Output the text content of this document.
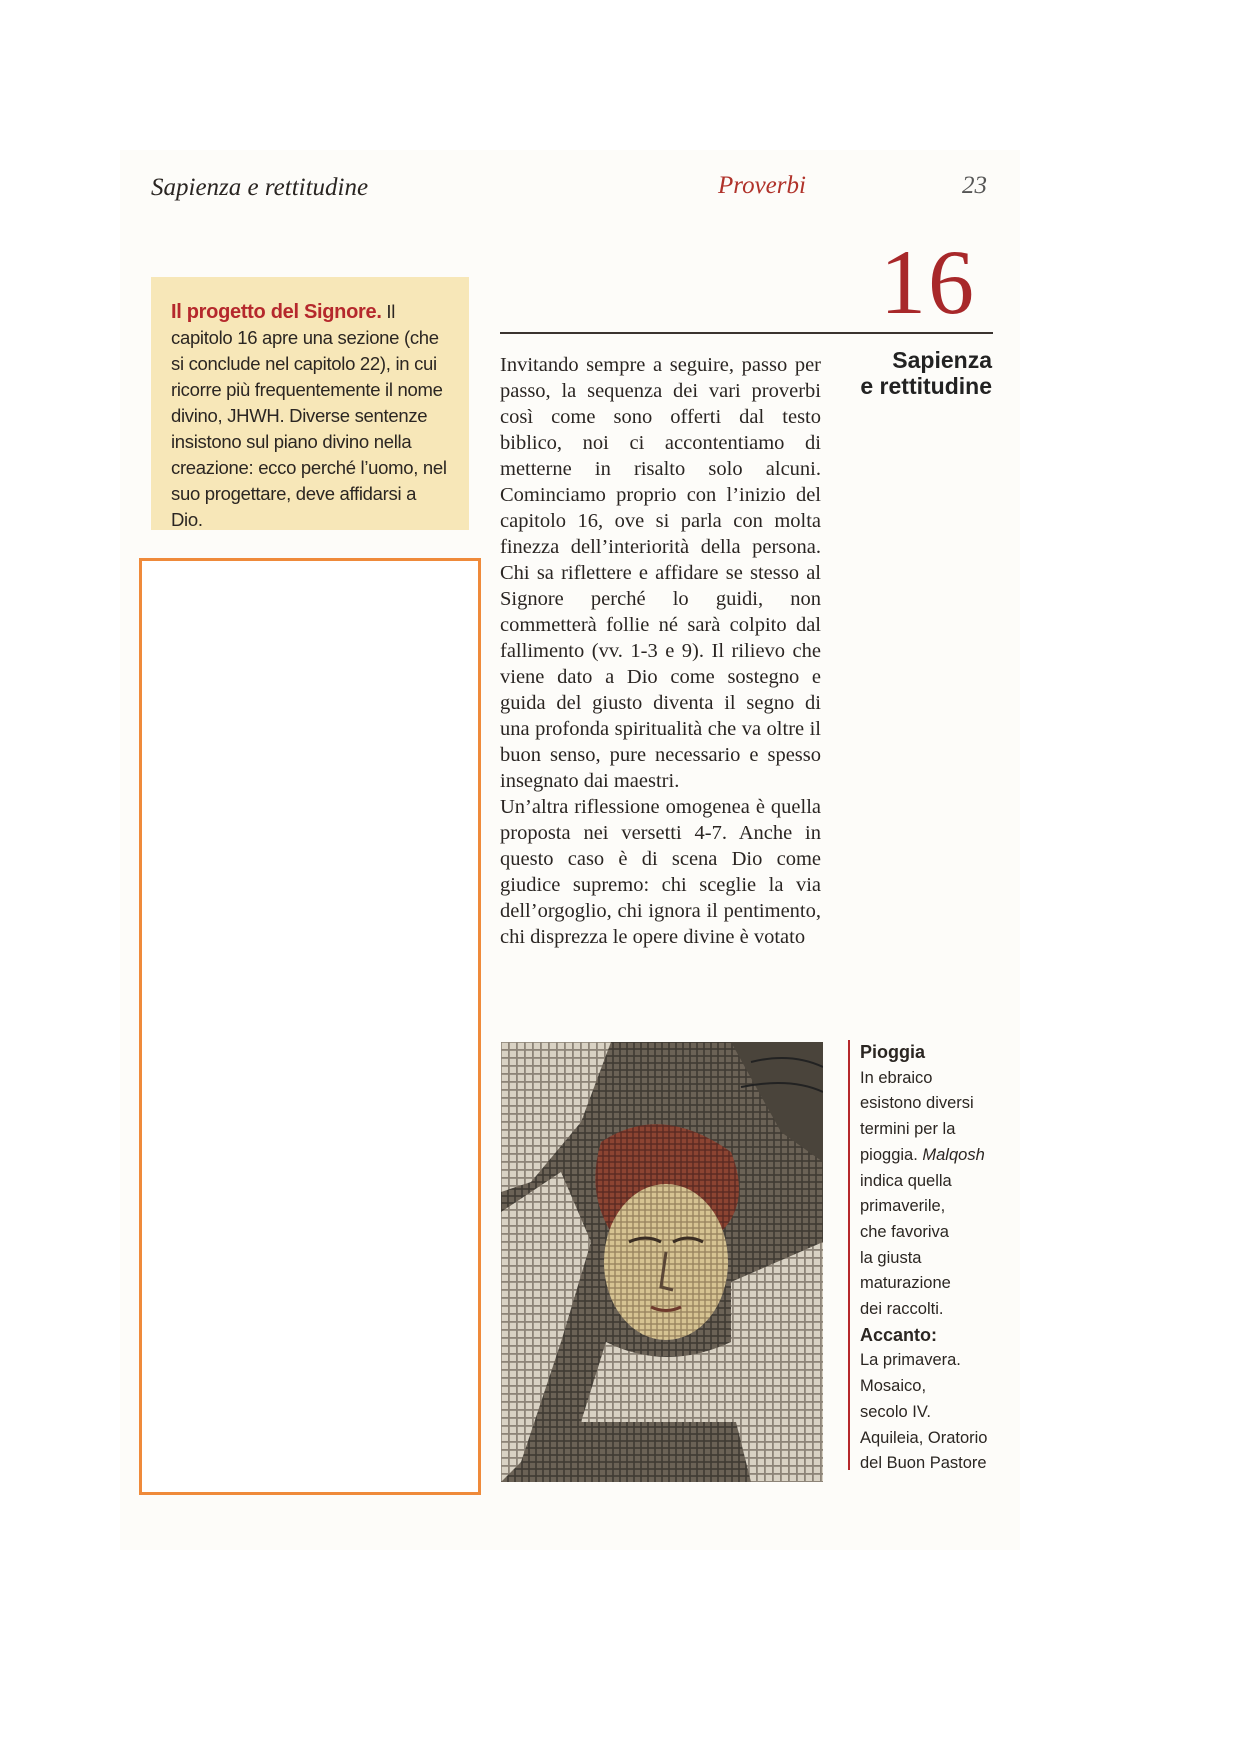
Sapienza e rettitudine	Proverbi	23
16
Sapienza
e rettitudine
Il progetto del Signore. Il capitolo 16 apre una sezione (che si conclude nel capitolo 22), in cui ricorre più frequentemente il nome divino, JHWH. Diverse sentenze insistono sul piano divino nella creazione: ecco perché l’uomo, nel suo progettare, deve affidarsi a Dio.

Invitando sempre a seguire, passo per passo, la sequenza dei vari proverbi così come sono offerti dal testo biblico, noi ci accontentiamo di metterne in risalto solo alcuni. Cominciamo proprio con l’inizio del capitolo 16, ove si parla con molta finezza dell’interiorità della persona. Chi sa riflettere e affidare se stesso al Signore perché lo guidi, non commetterà follie né sarà colpito dal fallimento (vv. 1-3 e 9). Il rilievo che viene dato a Dio come sostegno e guida del giusto diventa il segno di una profonda spiritualità che va oltre il buon senso, pure necessario e spesso insegnato dai maestri.

Un’altra riflessione omogenea è quella proposta nei versetti 4-7. Anche in questo caso è di scena Dio come giudice supremo: chi sceglie la via dell’orgoglio, chi ignora il pentimento, chi disprezza le opere divine è votato

Pioggia
In ebraico
esistono diversi
termini per la
pioggia. Malqosh
indica quella
primaverile,
che favoriva
la giusta
maturazione
dei raccolti.
Accanto:
La primavera.
Mosaico,
secolo IV.
Aquileia, Oratorio
del Buon Pastore
